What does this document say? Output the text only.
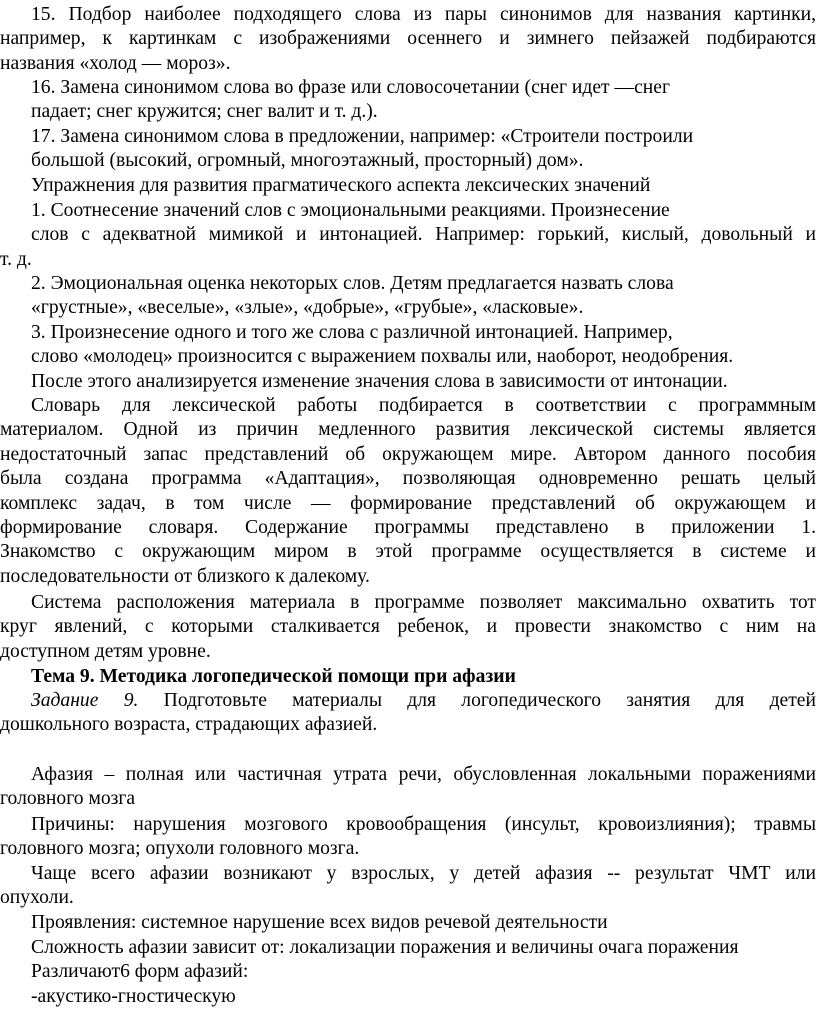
15. Подбор наиболее подходящего слова из пары синонимов для названия картинки,
например, к картинкам с изображениями осеннего и зимнего пейзажей подбираются
названия «холод — мороз».
16. Замена синонимом слова во фразе или словосочетании (снег идет —снег
падает; снег кружится; снег валит и т. д.).
17. Замена синонимом слова в предложении, например: «Строители построили
большой (высокий, огромный, многоэтажный, просторный) дом».
Упражнения для развития прагматического аспекта лексических значений
1. Соотнесение значений слов с эмоциональными реакциями. Произнесение
слов с адекватной мимикой и интонацией. Например: горький, кислый, довольный и
т. д.
2. Эмоциональная оценка некоторых слов. Детям предлагается назвать слова
«грустные», «веселые», «злые», «добрые», «грубые», «ласковые».
3. Произнесение одного и того же слова с различной интонацией. Например,
слово «молодец» произносится с выражением похвалы или, наоборот, неодобрения.
После этого анализируется изменение значения слова в зависимости от интонации.
Словарь для лексической работы подбирается в соответствии с программным
материалом. Одной из причин медленного развития лексической системы является
недостаточный запас представлений об окружающем мире. Автором данного пособия
была создана программа «Адаптация», позволяющая одновременно решать целый
комплекс задач, в том числе — формирование представлений об окружающем и
формирование словаря. Содержание программы представлено в приложении 1.
Знакомство с окружающим миром в этой программе осуществляется в системе и
последовательности от близкого к далекому.
Система расположения материала в программе позволяет максимально охватить тот
круг явлений, с которыми сталкивается ребенок, и провести знакомство с ним на
доступном детям уровне.
Тема 9. Методика логопедической помощи при афазии
Задание 9. Подготовьте материалы для логопедического занятия для детей
дошкольного возраста, страдающих афазией.
Афазия – полная или частичная утрата речи, обусловленная локальными поражениями
головного мозга
Причины: нарушения мозгового кровообращения (инсульт, кровоизлияния); травмы
головного мозга; опухоли головного мозга.
Чаще всего афазии возникают у взрослых, у детей афазия -- результат ЧМТ или
опухоли.
Проявления: системное нарушение всех видов речевой деятельности
Сложность афазии зависит от: локализации поражения и величины очага поражения
Различают6 форм афазий:
-акустико-гностическую
